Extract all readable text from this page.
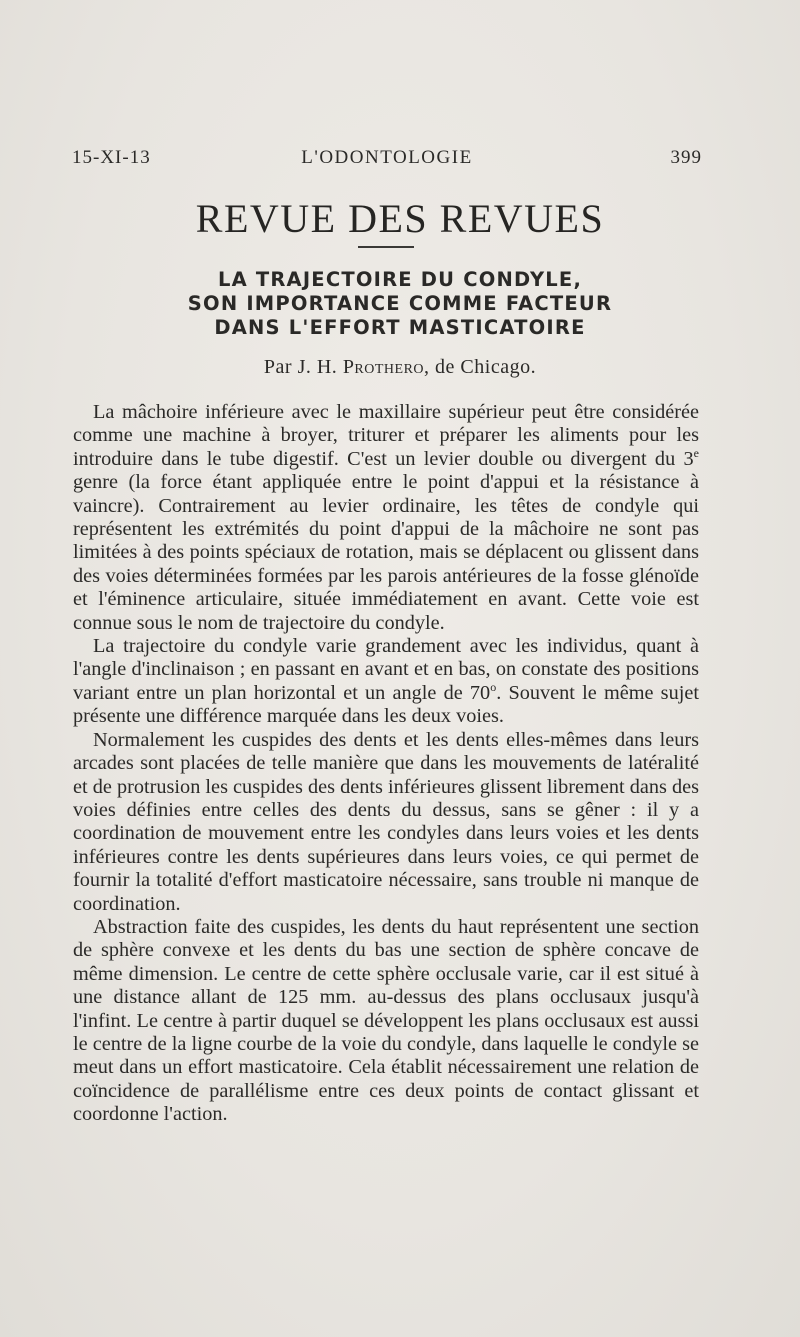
15-XI-13	L'ODONTOLOGIE	399
REVUE DES REVUES
LA TRAJECTOIRE DU CONDYLE,
SON IMPORTANCE COMME FACTEUR
DANS L'EFFORT MASTICATOIRE
Par J. H. Prothero, de Chicago.

La mâchoire inférieure avec le maxillaire supérieur peut être considérée comme une machine à broyer, triturer et préparer les aliments pour les introduire dans le tube digestif. C'est un levier double ou divergent du 3e genre (la force étant appliquée entre le point d'appui et la résistance à vaincre). Contrairement au levier ordinaire, les têtes de condyle qui représentent les extrémités du point d'appui de la mâchoire ne sont pas limitées à des points spéciaux de rotation, mais se déplacent ou glissent dans des voies déterminées formées par les parois antérieures de la fosse glénoïde et l'éminence articulaire, située immédiatement en avant. Cette voie est connue sous le nom de trajectoire du condyle.

La trajectoire du condyle varie grandement avec les individus, quant à l'angle d'inclinaison ; en passant en avant et en bas, on constate des positions variant entre un plan horizontal et un angle de 70$^o$. Souvent le même sujet présente une différence marquée dans les deux voies.

Normalement les cuspides des dents et les dents elles-mêmes dans leurs arcades sont placées de telle manière que dans les mouvements de latéralité et de protrusion les cuspides des dents inférieures glissent librement dans des voies définies entre celles des dents du dessus, sans se gêner : il y a coordination de mouvement entre les condyles dans leurs voies et les dents inférieures contre les dents supérieures dans leurs voies, ce qui permet de fournir la totalité d'effort masticatoire nécessaire, sans trouble ni manque de coordination.

Abstraction faite des cuspides, les dents du haut représentent une section de sphère convexe et les dents du bas une section de sphère concave de même dimension. Le centre de cette sphère occlusale varie, car il est situé à une distance allant de 125 mm. au-dessus des plans occlusaux jusqu'à l'infint. Le centre à partir duquel se développent les plans occlusaux est aussi le centre de la ligne courbe de la voie du condyle, dans laquelle le condyle se meut dans un effort masticatoire. Cela établit nécessairement une relation de coïncidence de parallélisme entre ces deux points de contact glissant et coordonne l'action.
